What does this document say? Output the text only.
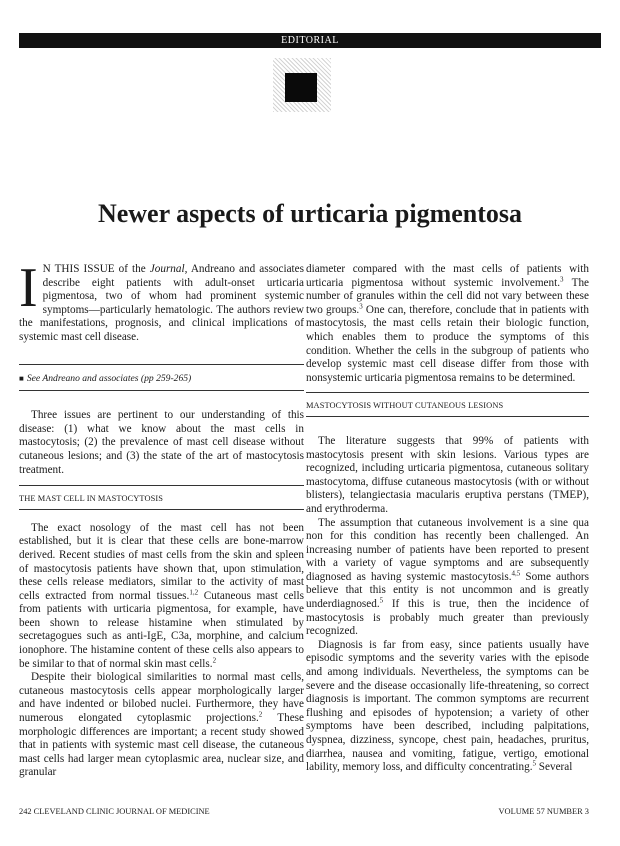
EDITORIAL
Newer aspects of urticaria pigmentosa

I N THIS ISSUE of the Journal, Andreano and associates describe eight patients with adult-onset urticaria pigmentosa, two of whom had prominent systemic symptoms—particularly hematologic. The authors review the manifestations, prognosis, and clinical implications of systemic mast cell disease.

■ See Andreano and associates (pp 259-265)

Three issues are pertinent to our understanding of this disease: (1) what we know about the mast cells in mastocytosis; (2) the prevalence of mast cell disease without cutaneous lesions; and (3) the state of the art of mastocytosis treatment.

THE MAST CELL IN MASTOCYTOSIS

The exact nosology of the mast cell has not been established, but it is clear that these cells are bone-marrow derived. Recent studies of mast cells from the skin and spleen of mastocytosis patients have shown that, upon stimulation, these cells release mediators, similar to the activity of mast cells extracted from normal tissues.$^{1,2}$ Cutaneous mast cells from patients with urticaria pigmentosa, for example, have been shown to release histamine when stimulated by secretagogues such as anti-IgE, C3a, morphine, and calcium ionophore. The histamine content of these cells also appears to be similar to that of normal skin mast cells.$^2$

Despite their biological similarities to normal mast cells, cutaneous mastocytosis cells appear morphologically larger and have indented or bilobed nuclei. Furthermore, they have numerous elongated cytoplasmic projections.$^2$ These morphologic differences are important; a recent study showed that in patients with systemic mast cell disease, the cutaneous mast cells had larger mean cytoplasmic area, nuclear size, and granular

diameter compared with the mast cells of patients with urticaria pigmentosa without systemic involvement.$^3$ The number of granules within the cell did not vary between these two groups.$^3$ One can, therefore, conclude that in patients with mastocytosis, the mast cells retain their biologic function, which enables them to produce the symptoms of this condition. Whether the cells in the subgroup of patients who develop systemic mast cell disease differ from those with nonsystemic urticaria pigmentosa remains to be determined.

MASTOCYTOSIS WITHOUT CUTANEOUS LESIONS

The literature suggests that 99% of patients with mastocytosis present with skin lesions. Various types are recognized, including urticaria pigmentosa, cutaneous solitary mastocytoma, diffuse cutaneous mastocytosis (with or without blisters), telangiectasia macularis eruptiva perstans (TMEP), and erythroderma.

The assumption that cutaneous involvement is a sine qua non for this condition has recently been challenged. An increasing number of patients have been reported to present with a variety of vague symptoms and are subsequently diagnosed as having systemic mastocytosis.$^{4,5}$ Some authors believe that this entity is not uncommon and is greatly underdiagnosed.$^5$ If this is true, then the incidence of mastocytosis is probably much greater than previously recognized.

Diagnosis is far from easy, since patients usually have episodic symptoms and the severity varies with the episode and among individuals. Nevertheless, the symptoms can be severe and the disease occasionally life-threatening, so correct diagnosis is important. The common symptoms are recurrent flushing and episodes of hypotension; a variety of other symptoms have been described, including palpitations, dyspnea, dizziness, syncope, chest pain, headaches, pruritus, diarrhea, nausea and vomiting, fatigue, vertigo, emotional lability, memory loss, and difficulty concentrating.$^5$ Several

242 CLEVELAND CLINIC JOURNAL OF MEDICINE	VOLUME 57 NUMBER 3
